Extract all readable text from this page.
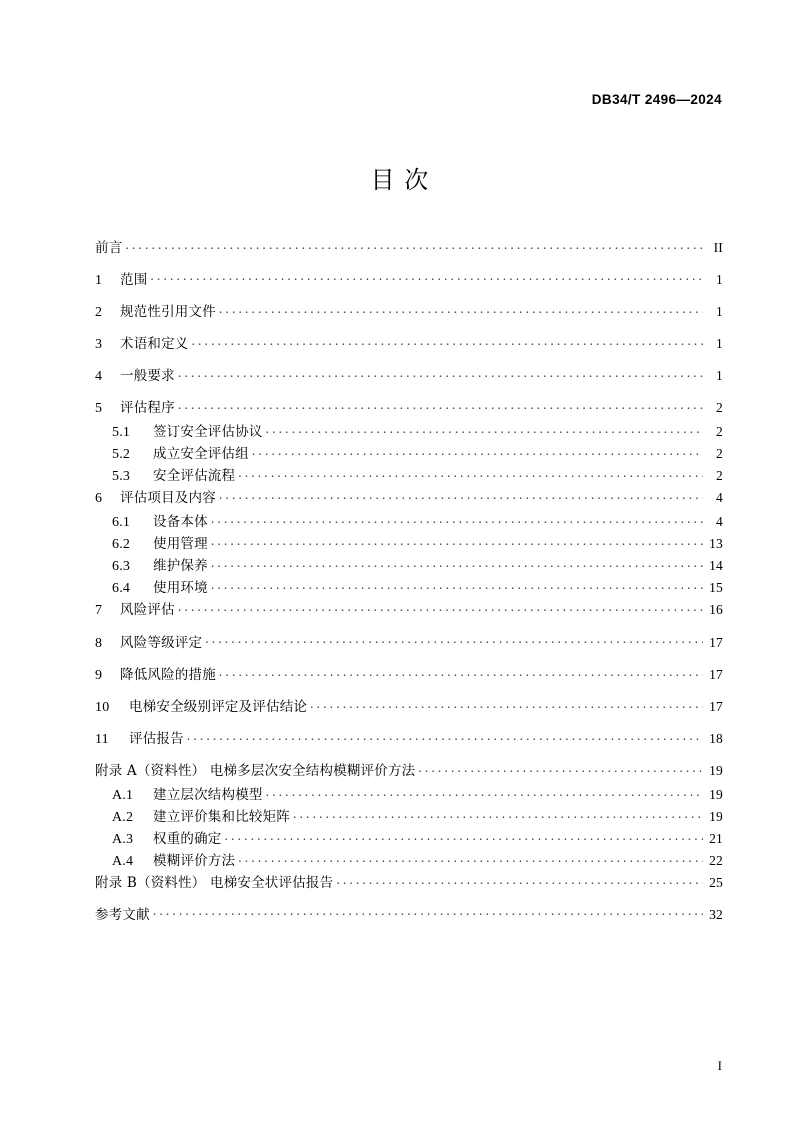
DB34/T 2496—2024
目 次
前言 .....	II
1	范围 .....	1
2	规范性引用文件 .....	1
3	术语和定义 .....	1
4	一般要求 .....	1
5	评估程序 .....	2
5.1	签订安全评估协议 .....	2
5.2	成立安全评估组 .....	2
5.3	安全评估流程 .....	2
6	评估项目及内容 .....	4
6.1	设备本体 .....	4
6.2	使用管理 .....	13
6.3	维护保养 .....	14
6.4	使用环境 .....	15
7	风险评估 .....	16
8	风险等级评定 .....	17
9	降低风险的措施 .....	17
10	电梯安全级别评定及评估结论 .....	17
11	评估报告 .....	18
附录 A（资料性） 电梯多层次安全结构模糊评价方法 .....	19
A.1	建立层次结构模型 .....	19
A.2	建立评价集和比较矩阵 .....	19
A.3	权重的确定 .....	21
A.4	模糊评价方法 .....	22
附录 B（资料性） 电梯安全状评估报告 .....	25
参考文献 .....	32
I
